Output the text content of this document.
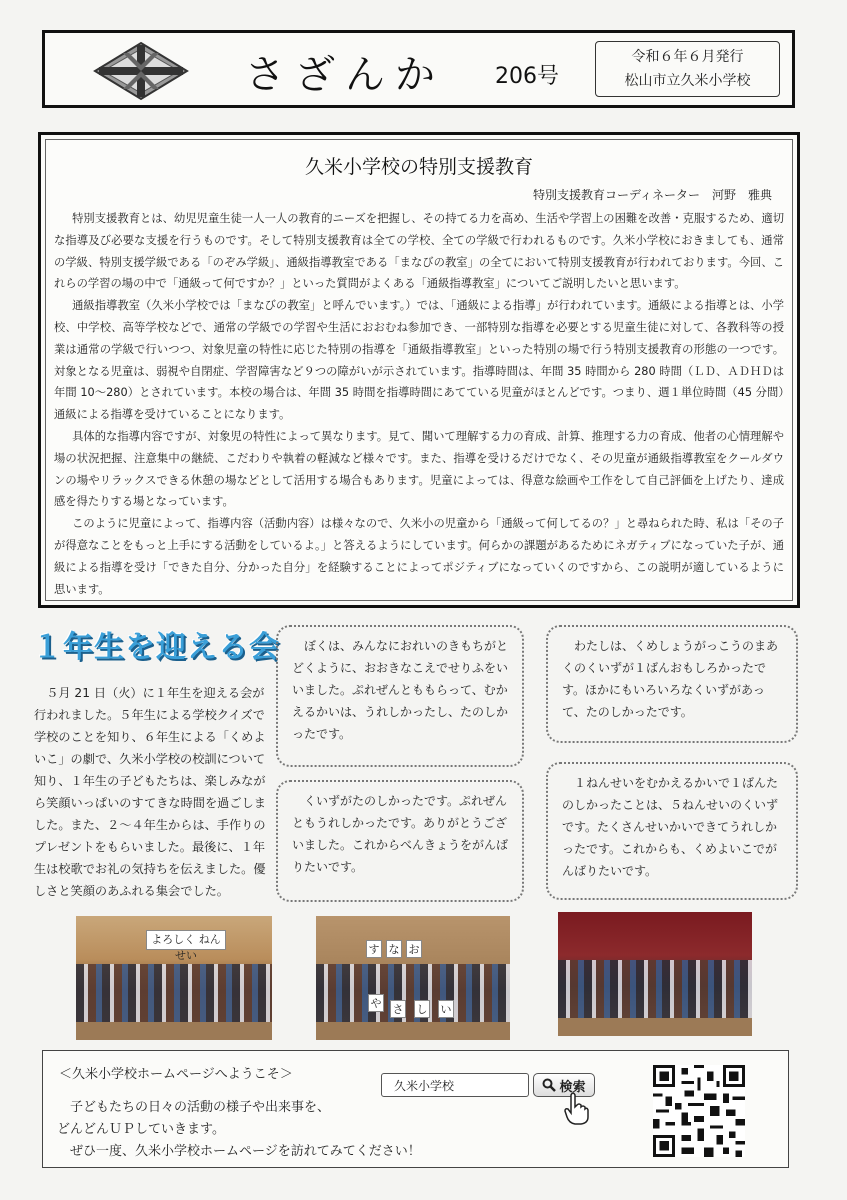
さざんか 206号
令和６年６月発行
松山市立久米小学校
久米小学校の特別支援教育
特別支援教育コーディネーター　河野　雅典

特別支援教育とは、幼児児童生徒一人一人の教育的ニーズを把握し、その持てる力を高め、生活や学習上の困難を改善・克服するため、適切な指導及び必要な支援を行うものです。そして特別支援教育は全ての学校、全ての学級で行われるものです。久米小学校におきましても、通常の学級、特別支援学級である「のぞみ学級」、通級指導教室である「まなびの教室」の全てにおいて特別支援教育が行われております。今回、これらの学習の場の中で「通級って何ですか？」といった質問がよくある「通級指導教室」についてご説明したいと思います。

通級指導教室（久米小学校では「まなびの教室」と呼んでいます。）では、「通級による指導」が行われています。通級による指導とは、小学校、中学校、高等学校などで、通常の学級での学習や生活におおむね参加でき、一部特別な指導を必要とする児童生徒に対して、各教科等の授業は通常の学級で行いつつ、対象児童の特性に応じた特別の指導を「通級指導教室」といった特別の場で行う特別支援教育の形態の一つです。対象となる児童は、弱視や自閉症、学習障害など９つの障がいが示されています。指導時間は、年間 35 時間から 280 時間（ＬＤ、ＡＤＨＤは年間 10～280）とされています。本校の場合は、年間 35 時間を指導時間にあてている児童がほとんどです。つまり、週１単位時間（45 分間）通級による指導を受けていることになります。

具体的な指導内容ですが、対象児の特性によって異なります。見て、聞いて理解する力の育成、計算、推理する力の育成、他者の心情理解や場の状況把握、注意集中の継続、こだわりや執着の軽減など様々です。また、指導を受けるだけでなく、その児童が通級指導教室をクールダウンの場やリラックスできる休憩の場などとして活用する場合もあります。児童によっては、得意な絵画や工作をして自己評価を上げたり、達成感を得たりする場となっています。

このように児童によって、指導内容（活動内容）は様々なので、久米小の児童から「通級って何してるの？」と尋ねられた時、私は「その子が得意なことをもっと上手にする活動をしているよ。」と答えるようにしています。何らかの課題があるためにネガティブになっていた子が、通級による指導を受け「できた自分、分かった自分」を経験することによってポジティブになっていくのですから、この説明が適しているように思います。

１年生を迎える会

５月 21 日（火）に１年生を迎える会が行われました。５年生による学校クイズで学校のことを知り、６年生による「くめよいこ」の劇で、久米小学校の校訓について知り、１年生の子どもたちは、楽しみながら笑顔いっぱいのすてきな時間を過ごしました。また、２～４年生からは、手作りのプレゼントをもらいました。最後に、１年生は校歌でお礼の気持ちを伝えました。優しさと笑顔のあふれる集会でした。

ぼくは、みんなにおれいのきもちがとどくように、おおきなこえでせりふをいいました。ぷれぜんとももらって、むかえるかいは、うれしかったし、たのしかったです。

わたしは、くめしょうがっこうのまあくのくいずが１ばんおもしろかったです。ほかにもいろいろなくいずがあって、たのしかったです。

くいずがたのしかったです。ぷれぜんともうれしかったです。ありがとうございました。これからべんきょうをがんばりたいです。

１ねんせいをむかえるかいで１ばんたのしかったことは、５ねんせいのくいずです。たくさんせいかいできてうれしかったです。これからも、くめよいこでがんばりたいです。

よろしく ねんせい	す な お
や さ し い
＜久米小学校ホームページへようこそ＞

子どもたちの日々の活動の様子や出来事を、

どんどんＵＰしていきます。

ぜひ一度、久米小学校ホームページを訪れてみてください！

久米小学校	検索
